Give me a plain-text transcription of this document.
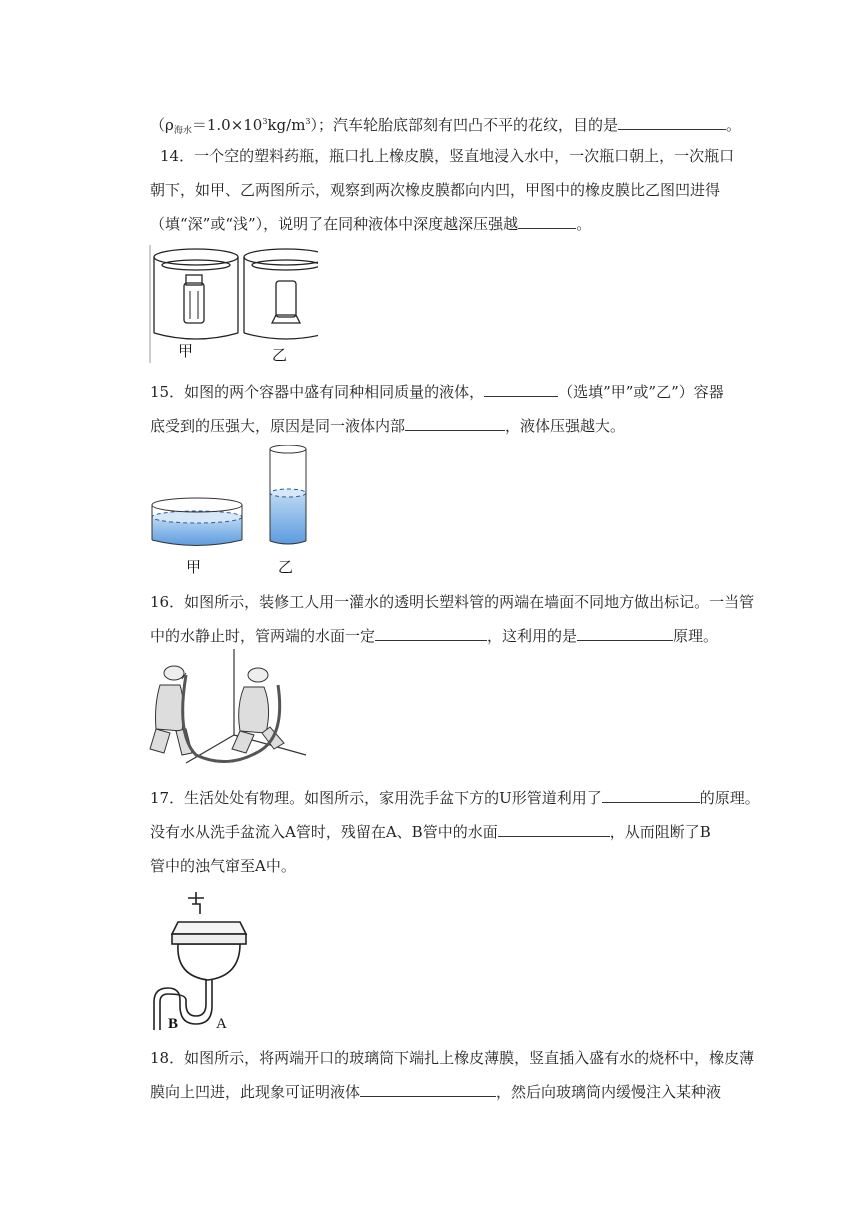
$(\rho_{海水}=1.0\times 10^3kg/m^3)$；汽车轮胎底部刻有凹凸不平的花纹，目的是	。
14．一个空的塑料药瓶，瓶口扎上橡皮膜，竖直地浸入水中，一次瓶口朝上，一次瓶口
朝下，如甲、乙两图所示，观察到两次橡皮膜都向内凹，甲图中的橡皮膜比乙图凹进得
（填“深”或“浅”），说明了在同种液体中深度越深压强越	。
甲	乙
15．如图的两个容器中盛有同种相同质量的液体，	（选填”甲”或”乙”）容器
底受到的压强大，原因是同一液体内部	，液体压强越大。
甲	乙
16．如图所示，装修工人用一灌水的透明长塑料管的两端在墙面不同地方做出标记。一当管
中的水静止时，管两端的水面一定	，这利用的是	原理。
17．生活处处有物理。如图所示，家用洗手盆下方的U形管道利用了	的原理。
没有水从洗手盆流入A管时，残留在A、B管中的水面	，从而阻断了B
管中的浊气窜至A中。
B	A
18．如图所示，将两端开口的玻璃筒下端扎上橡皮薄膜，竖直插入盛有水的烧杯中，橡皮薄
膜向上凹进，此现象可证明液体	，然后向玻璃筒内缓慢注入某种液
